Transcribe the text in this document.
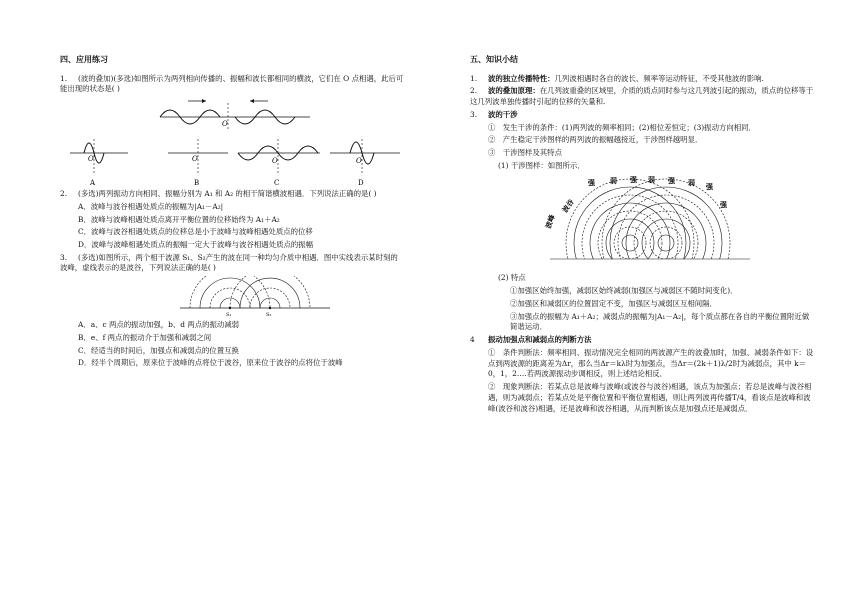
四、应用练习
1. (波的叠加)(多选)如图所示为两列相向传播的、振幅和波长都相同的横波，它们在 O 点相遇，此后可能出现的状态是( )
O
O
A
O
B
O
C
O
D
2. (多选)两列振动方向相同、振幅分别为 A₁ 和 A₂ 的相干简谐横波相遇．下列说法正确的是( )
A．波峰与波谷相遇处质点的振幅为|A₁－A₂|
B．波峰与波峰相遇处质点离开平衡位置的位移始终为 A₁＋A₂
C．波峰与波谷相遇处质点的位移总是小于波峰与波峰相遇处质点的位移
D．波峰与波峰相遇处质点的振幅一定大于波峰与波谷相遇处质点的振幅
3. (多选)如图所示，两个相干波源 S₁、S₂产生的波在同一种均匀介质中相遇．图中实线表示某时刻的波峰，虚线表示的是波谷，下列说法正确的是( )
S₁	S₂
A．a、c 两点的振动加强，b、d 两点的振动减弱
B．e、f 两点的振动介于加强和减弱之间
C．经适当的时间后，加强点和减弱点的位置互换
D．经半个周期后，原来位于波峰的点将位于波谷，原来位于波谷的点将位于波峰
五、知识小结
1. 波的独立传播特性：几列波相遇时各自的波长、频率等运动特征，不受其他波的影响.
2. 波的叠加原理：在几列波重叠的区域里，介质的质点同时参与这几列波引起的振动，质点的位移等于这几列波单独传播时引起的位移的矢量和.
3. 波的干涉
①　发生干涉的条件：(1)两列波的频率相同；(2)相位差恒定；(3)振动方向相同．
②　产生稳定干涉图样的两列波的振幅越接近，干涉图样越明显．
③　干涉图样及其特点
(1) 干涉图样：如图所示．
强 弱 强 弱 强 弱 强
波峰
波谷	强
(2) 特点
①加强区始终加强，减弱区始终减弱(加强区与减弱区不随时间变化)．
②加强区和减弱区的位置固定不变，加强区与减弱区互相间隔．
③加强点的振幅为 A₁＋A₂；减弱点的振幅为|A₁－A₂|，每个质点都在各自的平衡位置附近做简谐运动．
4 振动加强点和减弱点的判断方法
①　条件判断法：频率相同、振动情况完全相同的两波源产生的波叠加时，加强、减弱条件如下：设点到两波源的距离差为Δr，那么当Δr＝kλ时为加强点，当Δr＝(2k＋1)λ/2时为减弱点，其中 k＝0，1，2….若两波源振动步调相反，则上述结论相反．
②　现象判断法：若某点总是波峰与波峰(或波谷与波谷)相遇，该点为加强点；若总是波峰与波谷相遇，则为减弱点；若某点处是平衡位置和平衡位置相遇，则让两列波再传播T/4，看该点是波峰和波峰(波谷和波谷)相遇，还是波峰和波谷相遇，从而判断该点是加强点还是减弱点．
